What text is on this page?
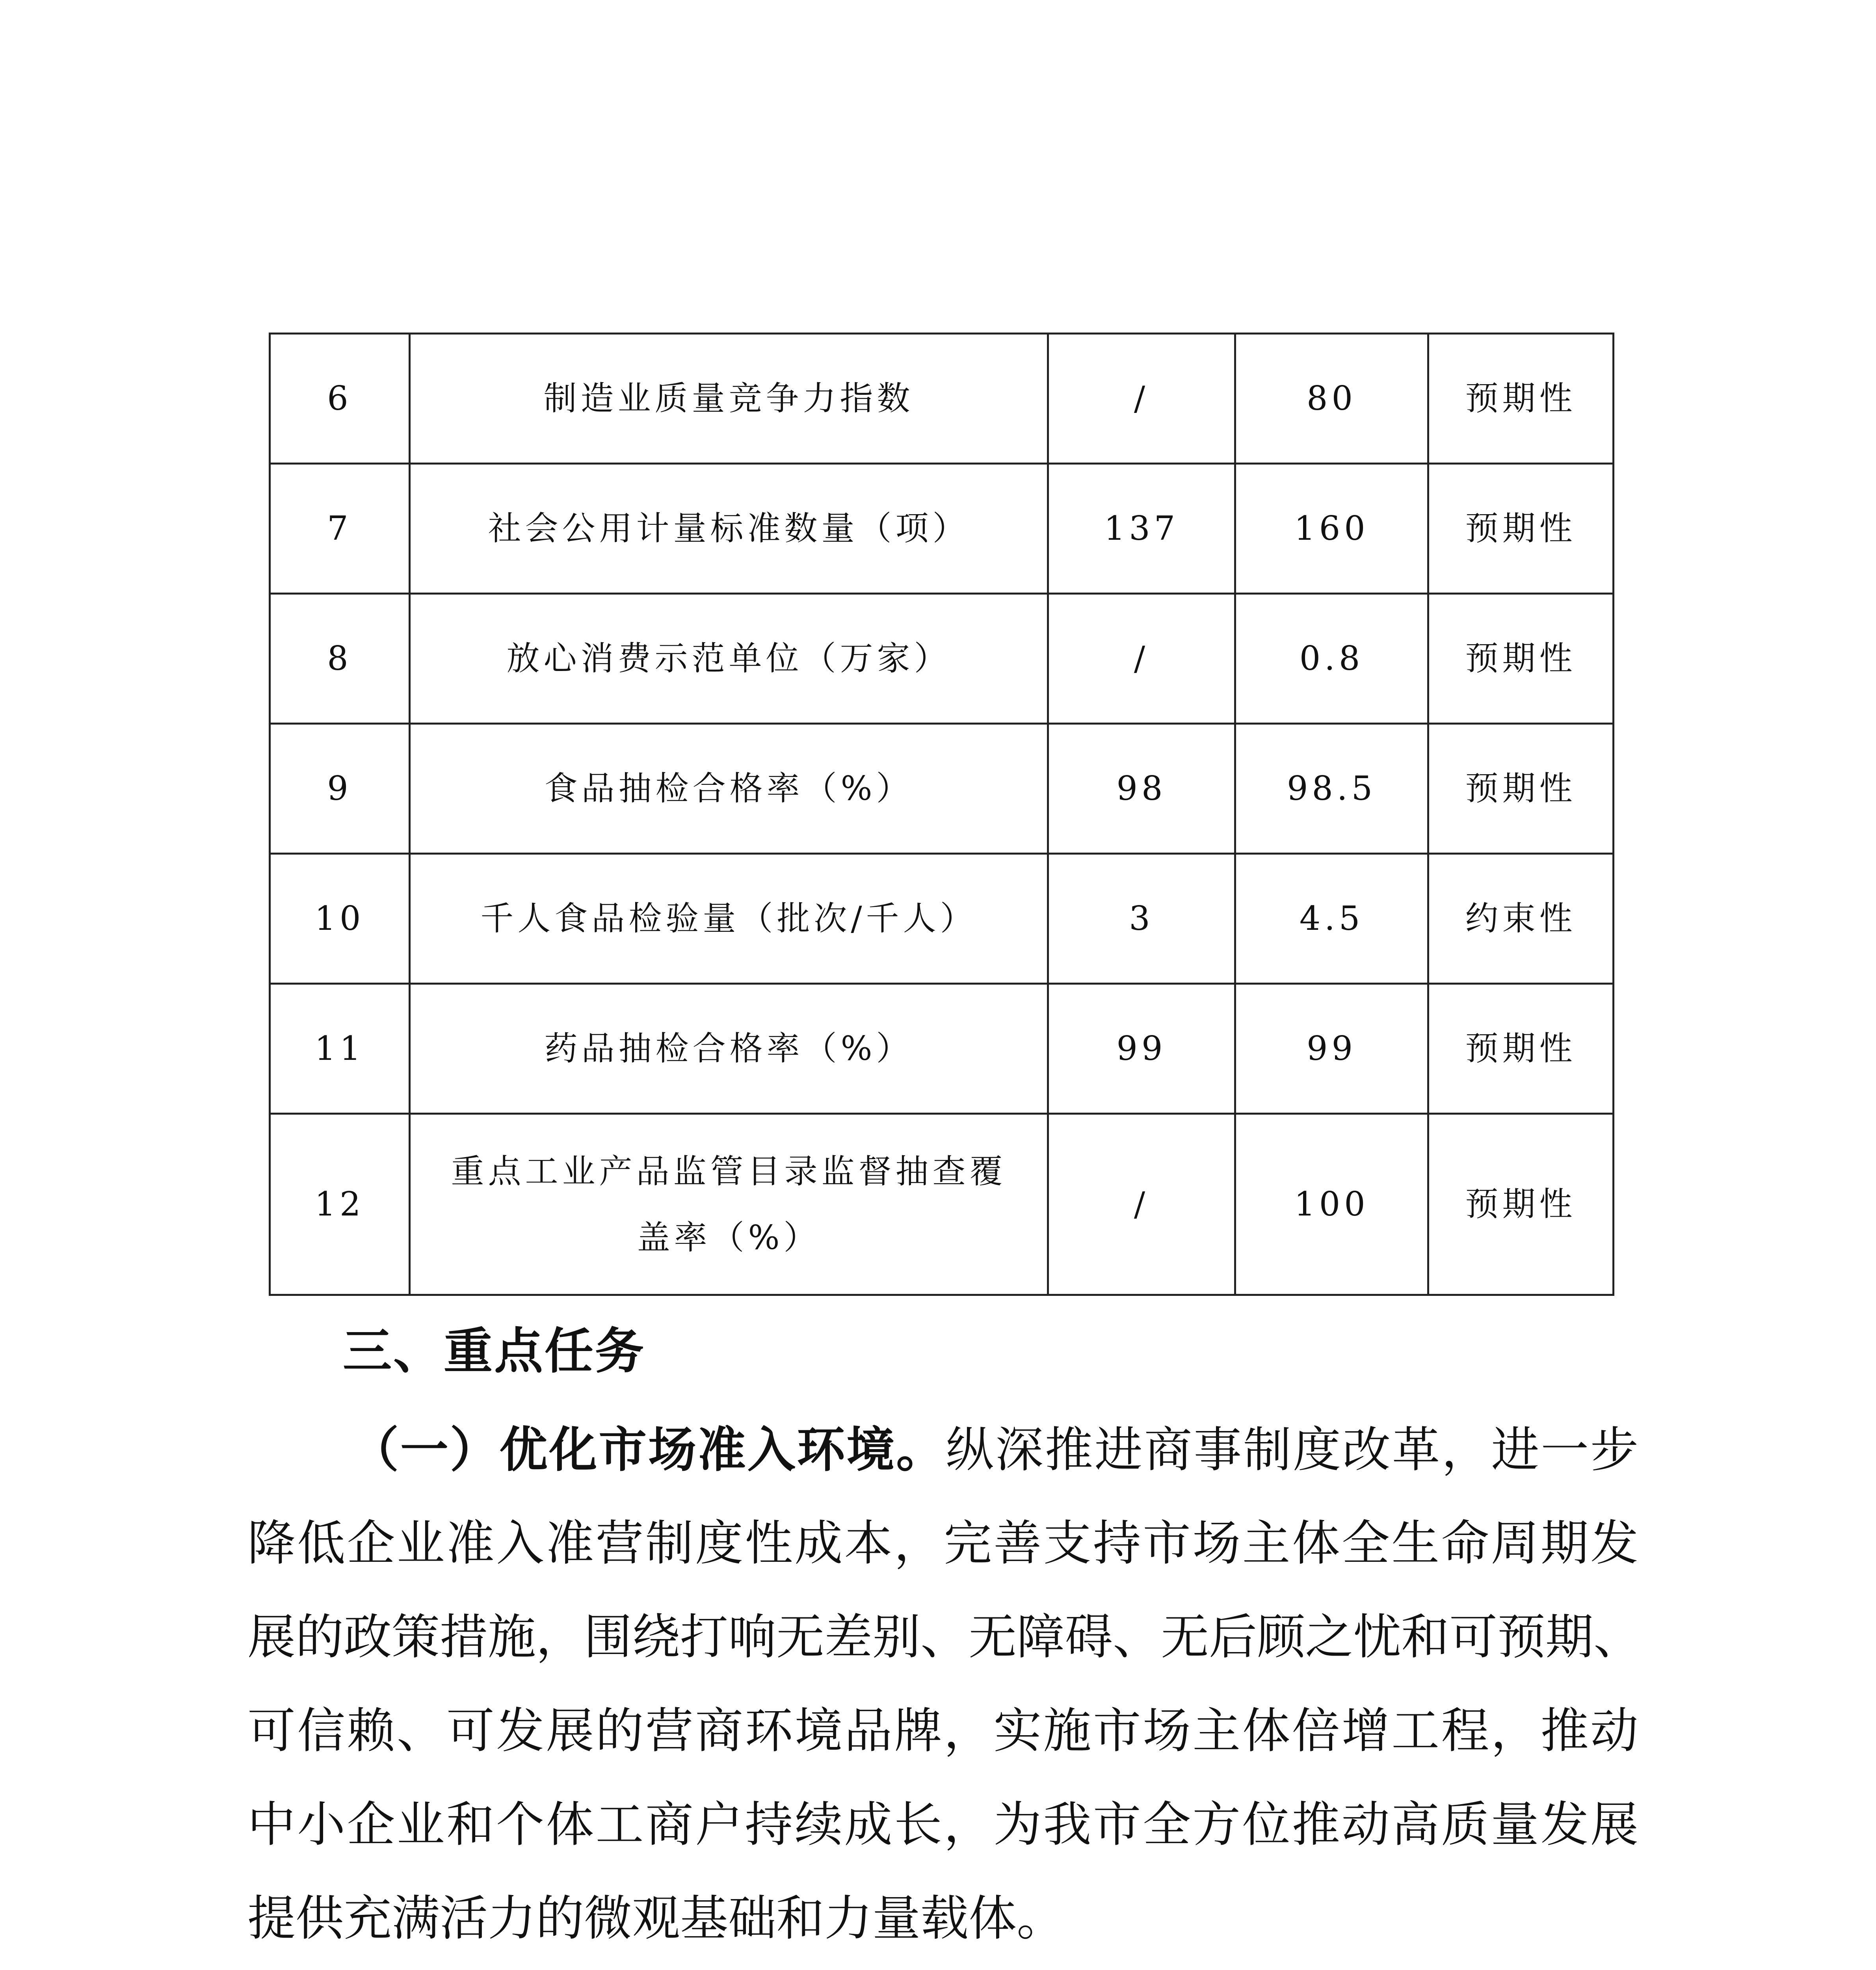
6	制造业质量竞争力指数	/	80	预期性
7	社会公用计量标准数量（项）	137	160	预期性
8	放心消费示范单位（万家）	/	0.8	预期性
9	食品抽检合格率（%）	98	98.5	预期性
10	千人食品检验量（批次/千人）	3	4.5	约束性
11	药品抽检合格率（%）	99	99	预期性
12	重点工业产品监管目录监督抽查覆盖率（%）	/	100	预期性
三、重点任务
（一）优化市场准入环境。纵深推进商事制度改革，进一步
降低企业准入准营制度性成本，完善支持市场主体全生命周期发
展的政策措施，围绕打响无差别、无障碍、无后顾之忧和可预期、
可信赖、可发展的营商环境品牌，实施市场主体倍增工程，推动
中小企业和个体工商户持续成长，为我市全方位推动高质量发展
提供充满活力的微观基础和力量载体。
